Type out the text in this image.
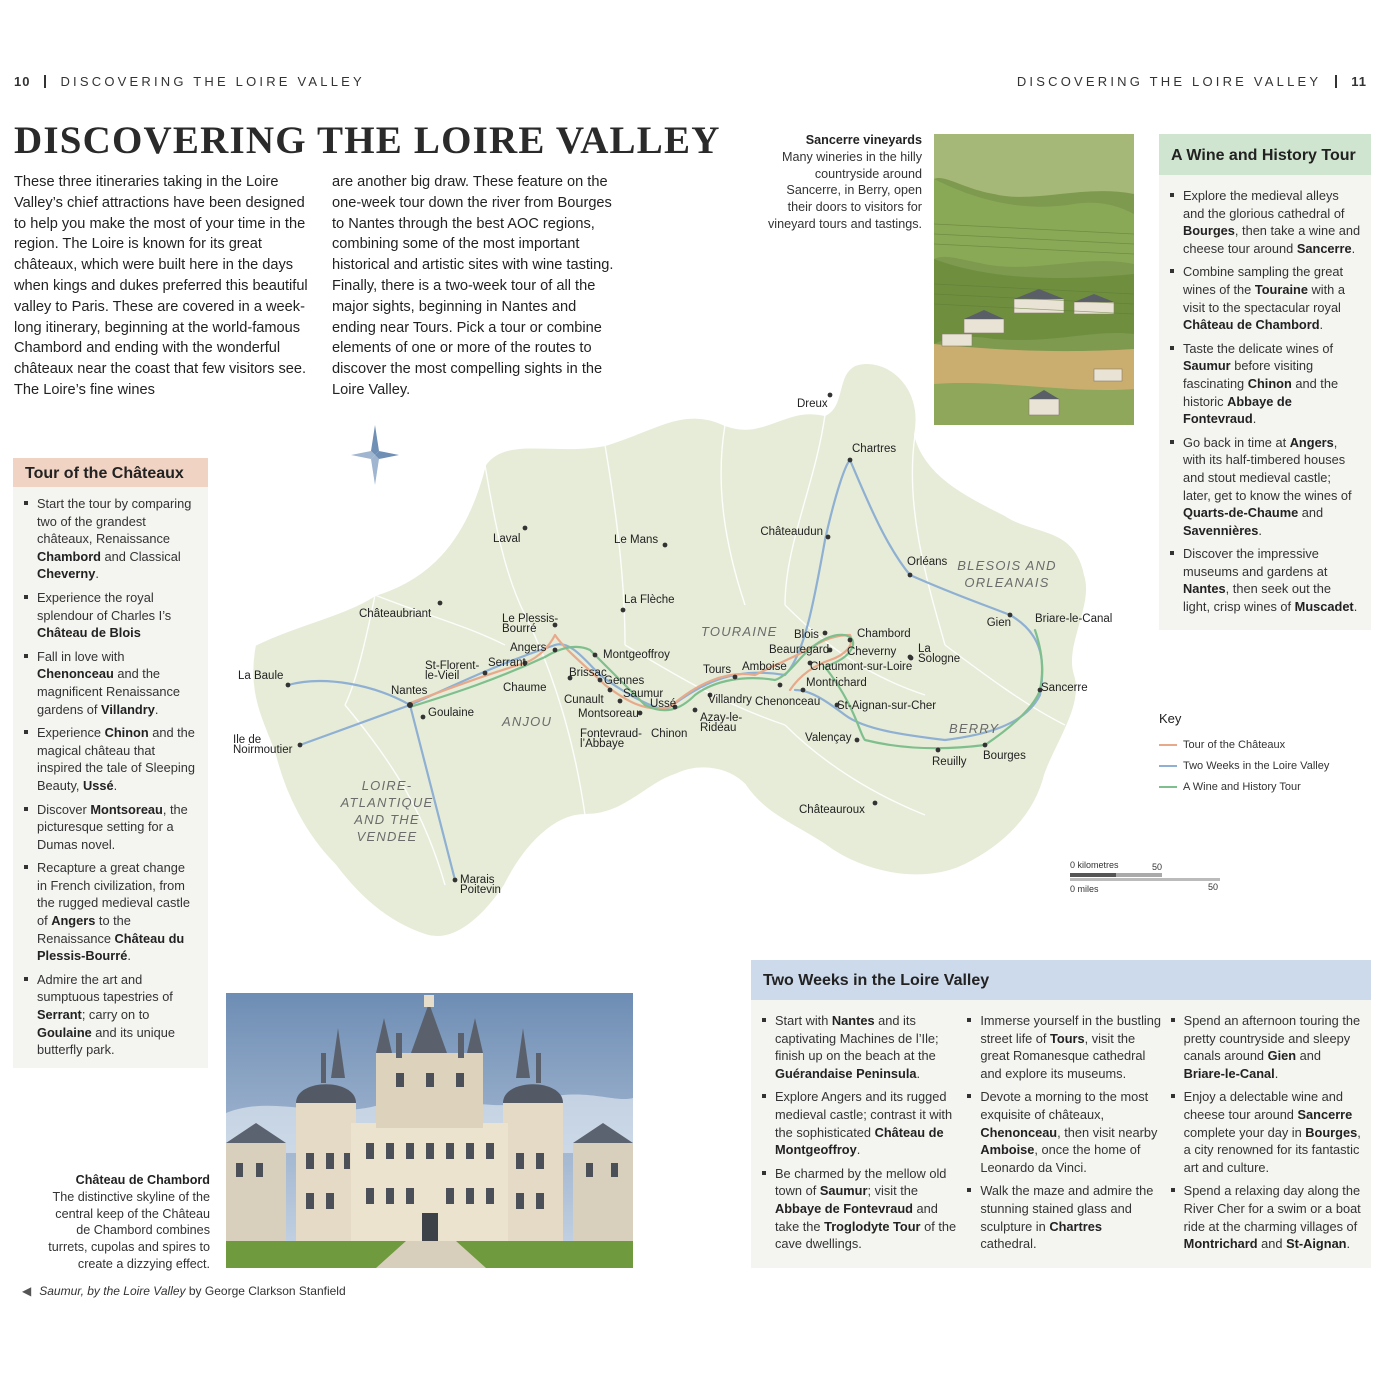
10 DISCOVERING THE LOIRE VALLEY	DISCOVERING THE LOIRE VALLEY 11
DISCOVERING THE LOIRE VALLEY

These three itineraries taking in the Loire Valley’s chief attractions have been designed to help you make the most of your time in the region. The Loire is known for its great châteaux, which were built here in the days when kings and dukes preferred this beautiful valley to Paris. These are covered in a week-long itinerary, beginning at the world-famous Chambord and ending with the wonderful châteaux near the coast that few visitors see. The Loire’s fine wines

are another big draw. These feature on the one-week tour down the river from Bourges to Nantes through the best AOC regions, combining some of the most important historical and artistic sites with wine tasting. Finally, there is a two-week tour of all the major sights, beginning in Nantes and ending near Tours. Pick a tour or combine elements of one or more of the routes to discover the most compelling sights in the Loire Valley.

Dreux
Chartres
Châteaudun
Orléans
Gien Briare-le-Canal
Sancerre
Bourges
Reuilly
Châteauroux
Valençay
St-Aignan-sur-Cher
Montrichard
Chaumont-sur-Loire
Cheverny La Sologne
Chambord
Blois
Beauregard
Amboise
Chenonceau
Tours
Villandry
Azay-le-Rideau
Ussé
Chinon
Fontevraud-l’Abbaye
Montsoreau
Saumur
Gennes
Cunault
Brissac
Montgeoffroy
Angers
Le Plessis-Bourré
Serrant
Chaume
St-Florent-le-Vieil
Nantes
Goulaine
La Baule
Ile de Noirmoutier
Marais Poitevin
Châteaubriant
Laval	Le Mans
La Flèche
TOURAINE
ANJOU	BERRY
BLESOIS AND ORLEANAIS
LOIRE-ATLANTIQUE AND THE VENDEE
Tour of the Châteaux
Start the tour by comparing two of the grandest châteaux, Renaissance Chambord and Classical Cheverny.
Experience the royal splendour of Charles I’s Château de Blois
Fall in love with Chenonceau and the magnificent Renaissance gardens of Villandry.
Experience Chinon and the magical château that inspired the tale of Sleeping Beauty, Ussé.
Discover Montsoreau, the picturesque setting for a Dumas novel.
Recapture a great change in French civilization, from the rugged medieval castle of Angers to the Renaissance Château du Plessis-Bourré.
Admire the art and sumptuous tapestries of Serrant; carry on to Goulaine and its unique butterfly park.
Sancerre vineyards
Many wineries in the hilly countryside around Sancerre, in Berry, open their doors to visitors for vineyard tours and tastings.
A Wine and History Tour
Explore the medieval alleys and the glorious cathedral of Bourges, then take a wine and cheese tour around Sancerre.
Combine sampling the great wines of the Touraine with a visit to the spectacular royal Château de Chambord.
Taste the delicate wines of Saumur before visiting fascinating Chinon and the historic Abbaye de Fontevraud.
Go back in time at Angers, with its half-timbered houses and stout medieval castle; later, get to know the wines of Quarts-de-Chaume and Savennières.
Discover the impressive museums and gardens at Nantes, then seek out the light, crisp wines of Muscadet.
Key
Tour of the Châteaux
Two Weeks in the Loire Valley
A Wine and History Tour
0 kilometres	50
0 miles	50
Château de Chambord
The distinctive skyline of the central keep of the Château de Chambord combines turrets, cupolas and spires to create a dizzying effect.
Two Weeks in the Loire Valley
Start with Nantes and its captivating Machines de l’Ile; finish up on the beach at the Guérandaise Peninsula.
Explore Angers and its rugged medieval castle; contrast it with the sophisticated Château de Montgeoffroy.
Be charmed by the mellow old town of Saumur; visit the Abbaye de Fontevraud and take the Troglodyte Tour of the cave dwellings.
Immerse yourself in the bustling street life of Tours, visit the great Romanesque cathedral and explore its museums.
Devote a morning to the most exquisite of châteaux, Chenonceau, then visit nearby Amboise, once the home of Leonardo da Vinci.
Walk the maze and admire the stunning stained glass and sculpture in Chartres cathedral.
Spend an afternoon touring the pretty countryside and sleepy canals around Gien and Briare-le-Canal.
Enjoy a delectable wine and cheese tour around Sancerre complete your day in Bourges, a city renowned for its fantastic art and culture.
Spend a relaxing day along the River Cher for a swim or a boat ride at the charming villages of Montrichard and St-Aignan.
◀ Saumur, by the Loire Valley by George Clarkson Stanfield
